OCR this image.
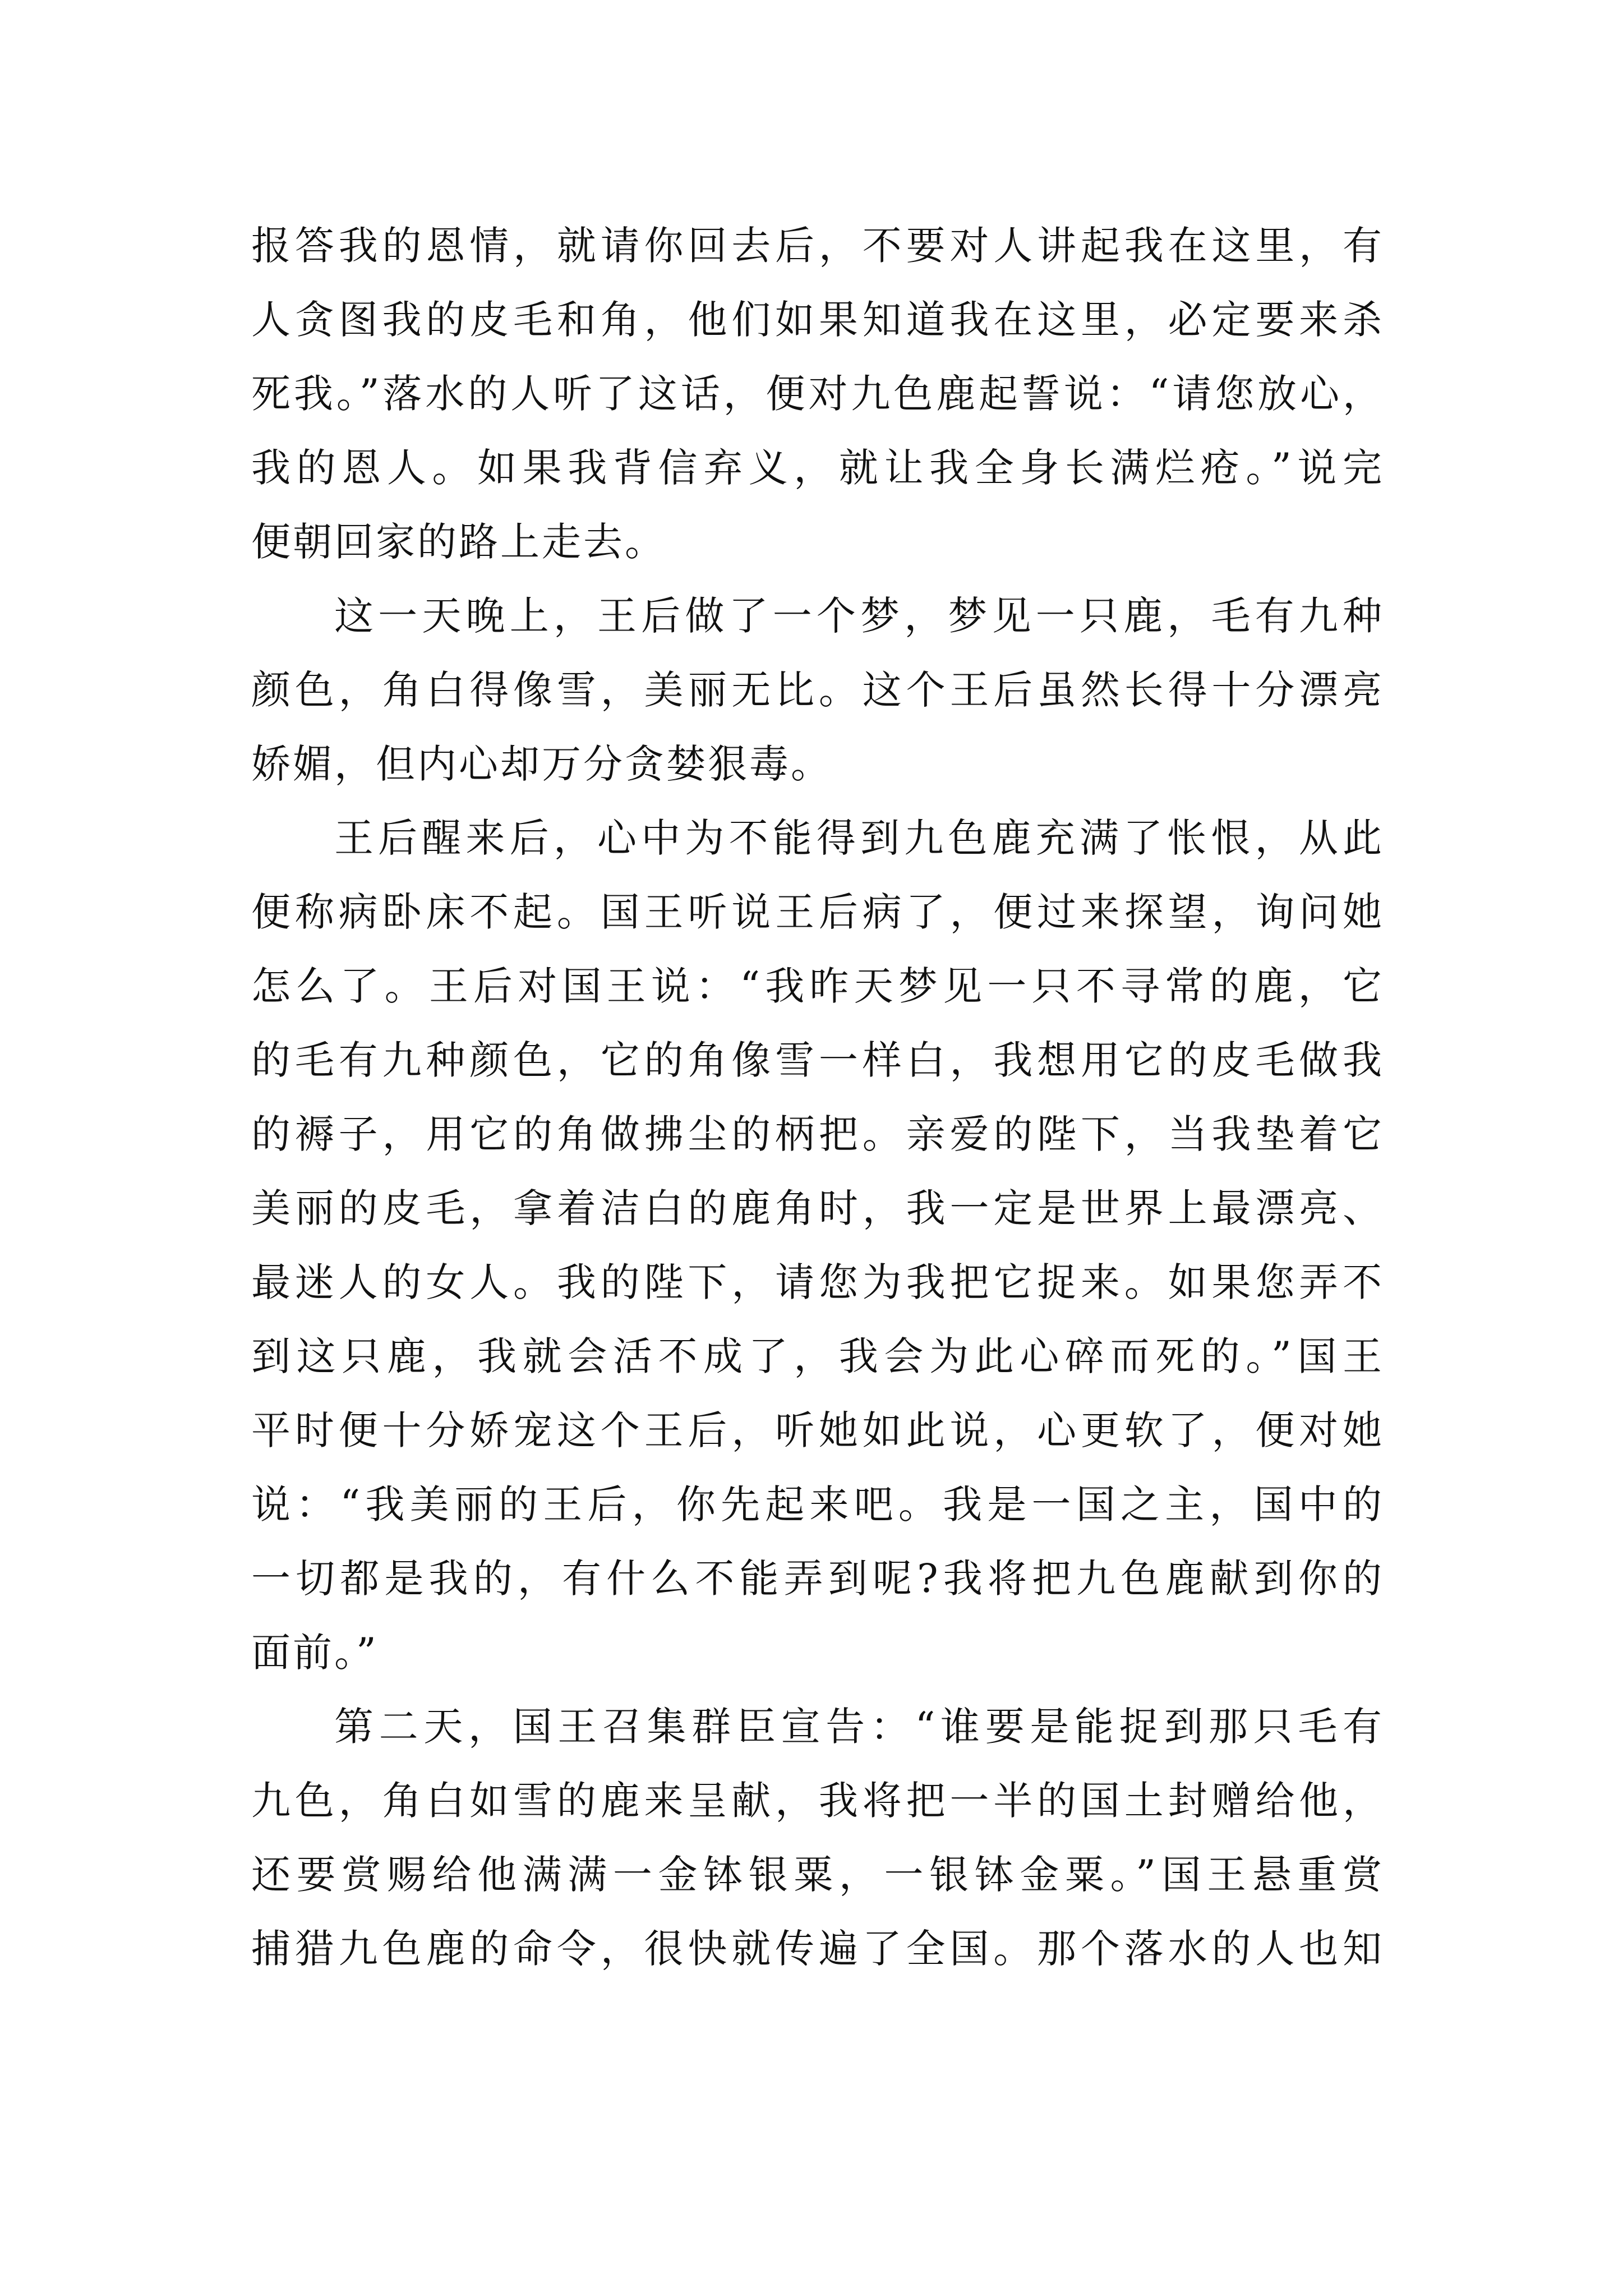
报答我的恩情，就请你回去后，不要对人讲起我在这里，有
人贪图我的皮毛和角，他们如果知道我在这里，必定要来杀
死我。”落水的人听了这话，便对九色鹿起誓说：“请您放心，
我的恩人。如果我背信弃义，就让我全身长满烂疮。”说完
便朝回家的路上走去。
这一天晚上，王后做了一个梦，梦见一只鹿，毛有九种
颜色，角白得像雪，美丽无比。这个王后虽然长得十分漂亮
娇媚，但内心却万分贪婪狠毒。
王后醒来后，心中为不能得到九色鹿充满了怅恨，从此
便称病卧床不起。国王听说王后病了，便过来探望，询问她
怎么了。王后对国王说：“我昨天梦见一只不寻常的鹿，它
的毛有九种颜色，它的角像雪一样白，我想用它的皮毛做我
的褥子，用它的角做拂尘的柄把。亲爱的陛下，当我垫着它
美丽的皮毛，拿着洁白的鹿角时，我一定是世界上最漂亮、
最迷人的女人。我的陛下，请您为我把它捉来。如果您弄不
到这只鹿，我就会活不成了，我会为此心碎而死的。”国王
平时便十分娇宠这个王后，听她如此说，心更软了，便对她
说：“我美丽的王后，你先起来吧。我是一国之主，国中的
一切都是我的，有什么不能弄到呢?我将把九色鹿献到你的
面前。”
第二天，国王召集群臣宣告：“谁要是能捉到那只毛有
九色，角白如雪的鹿来呈献，我将把一半的国土封赠给他，
还要赏赐给他满满一金钵银粟，一银钵金粟。”国王悬重赏
捕猎九色鹿的命令，很快就传遍了全国。那个落水的人也知
